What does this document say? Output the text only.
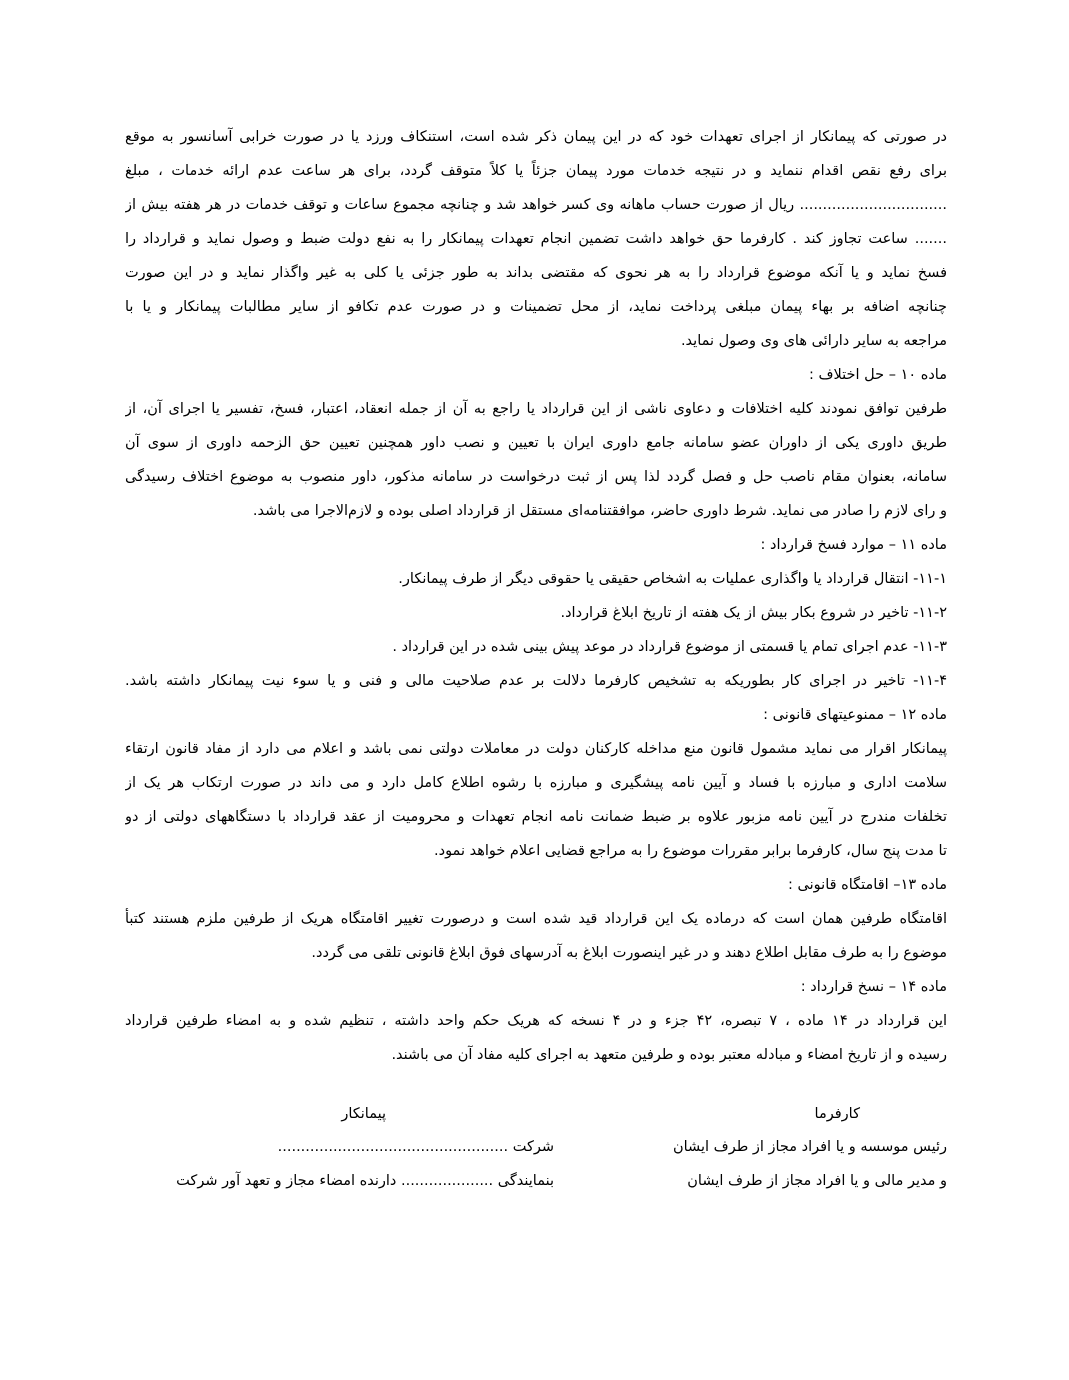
در صورتی که پیمانکار از اجرای تعهدات خود که در این پیمان ذکر شده است، استنکاف ورزد یا در صورت خرابی آسانسور به موقع
برای رفع نقص اقدام ننماید و در نتیجه خدمات مورد پیمان جزئاً یا کلاً متوقف گردد، برای هر ساعت عدم ارائه خدمات ، مبلغ
................................ ریال از صورت حساب ماهانه وی کسر خواهد شد و چنانچه مجموع ساعات و توقف خدمات در هر هفته بیش از
....... ساعت تجاوز کند . کارفرما حق خواهد داشت تضمین انجام تعهدات پیمانکار را به نفع دولت ضبط و وصول نماید و قرارداد را
فسخ نماید و یا آنکه موضوع قرارداد را به هر نحوی که مقتضی بداند به طور جزئی یا کلی به غیر واگذار نماید و در این صورت
چنانچه اضافه بر بهاء پیمان مبلغی پرداخت نماید، از محل تضمینات و در صورت عدم تکافو از سایر مطالبات پیمانکار و یا با
مراجعه به سایر دارائی های وی وصول نماید.
ماده ۱۰ – حل اختلاف :
طرفین توافق نمودند کلیه اختلافات و دعاوی ناشی از این قرارداد یا راجع به آن از جمله انعقاد، اعتبار، فسخ، تفسیر یا اجرای آن، از
طریق داوری یکی از داوران عضو سامانه جامع داوری ایران با تعیین و نصب داور همچنین تعیین حق الزحمه داوری از سوی آن
سامانه، بعنوان مقام ناصب حل و فصل گردد لذا پس از ثبت درخواست در سامانه مذکور، داور منصوب به موضوع اختلاف رسیدگی
و رای لازم را صادر می نماید. شرط داوری حاضر، موافقتنامه‌ای مستقل از قرارداد اصلی بوده و لازم‌الاجرا می باشد.
ماده ۱۱ – موارد فسخ قرارداد :
۱۱-۱- انتقال قرارداد یا واگذاری عملیات به اشخاص حقیقی یا حقوقی دیگر از طرف پیمانکار.
۱۱-۲- تاخیر در شروع بکار بیش از یک هفته از تاریخ ابلاغ قرارداد.
۱۱-۳- عدم اجرای تمام یا قسمتی از موضوع قرارداد در موعد پیش بینی شده در این قرارداد .
۱۱-۴- تاخیر در اجرای کار بطوریکه به تشخیص کارفرما دلالت بر عدم صلاحیت مالی و فنی و یا سوء نیت پیمانکار داشته باشد.
ماده ۱۲ – ممنوعیتهای قانونی :
پیمانکار اقرار می نماید مشمول قانون منع مداخله کارکنان دولت در معاملات دولتی نمی باشد و اعلام می دارد از مفاد قانون ارتقاء
سلامت اداری و مبارزه با فساد و آیین نامه پیشگیری و مبارزه با رشوه اطلاع کامل دارد و می داند در صورت ارتکاب هر یک از
تخلفات مندرج در آیین نامه مزبور علاوه بر ضبط ضمانت نامه انجام تعهدات و محرومیت از عقد قرارداد با دستگاههای دولتی از دو
تا مدت پنج سال، کارفرما برابر مقررات موضوع را به مراجع قضایی اعلام خواهد نمود.
ماده ۱۳– اقامتگاه قانونی :
اقامتگاه طرفین همان است که درماده یک این قرارداد قید شده است و درصورت تغییر اقامتگاه هریک از طرفین ملزم هستند کتبأ
موضوع را به طرف مقابل اطلاع دهند و در غیر اینصورت ابلاغ به آدرسهای فوق ابلاغ قانونی تلقی می گردد.
ماده ۱۴ – نسخ قرارداد :
این قرارداد در ۱۴ ماده ، ۷ تبصره، ۴۲ جزء و در ۴ نسخه که هریک حکم واحد داشته ، تنظیم شده و به امضاء طرفین قرارداد
رسیده و از تاریخ امضاء و مبادله معتبر بوده و طرفین متعهد به اجرای کلیه مفاد آن می باشند.
کارفرما
رئیس موسسه و یا افراد مجاز از طرف ایشان
و مدیر مالی و یا افراد مجاز از طرف ایشان
پیمانکار
شرکت ..................................................
بنمایندگی .................... دارنده امضاء مجاز و تعهد آور شرکت
